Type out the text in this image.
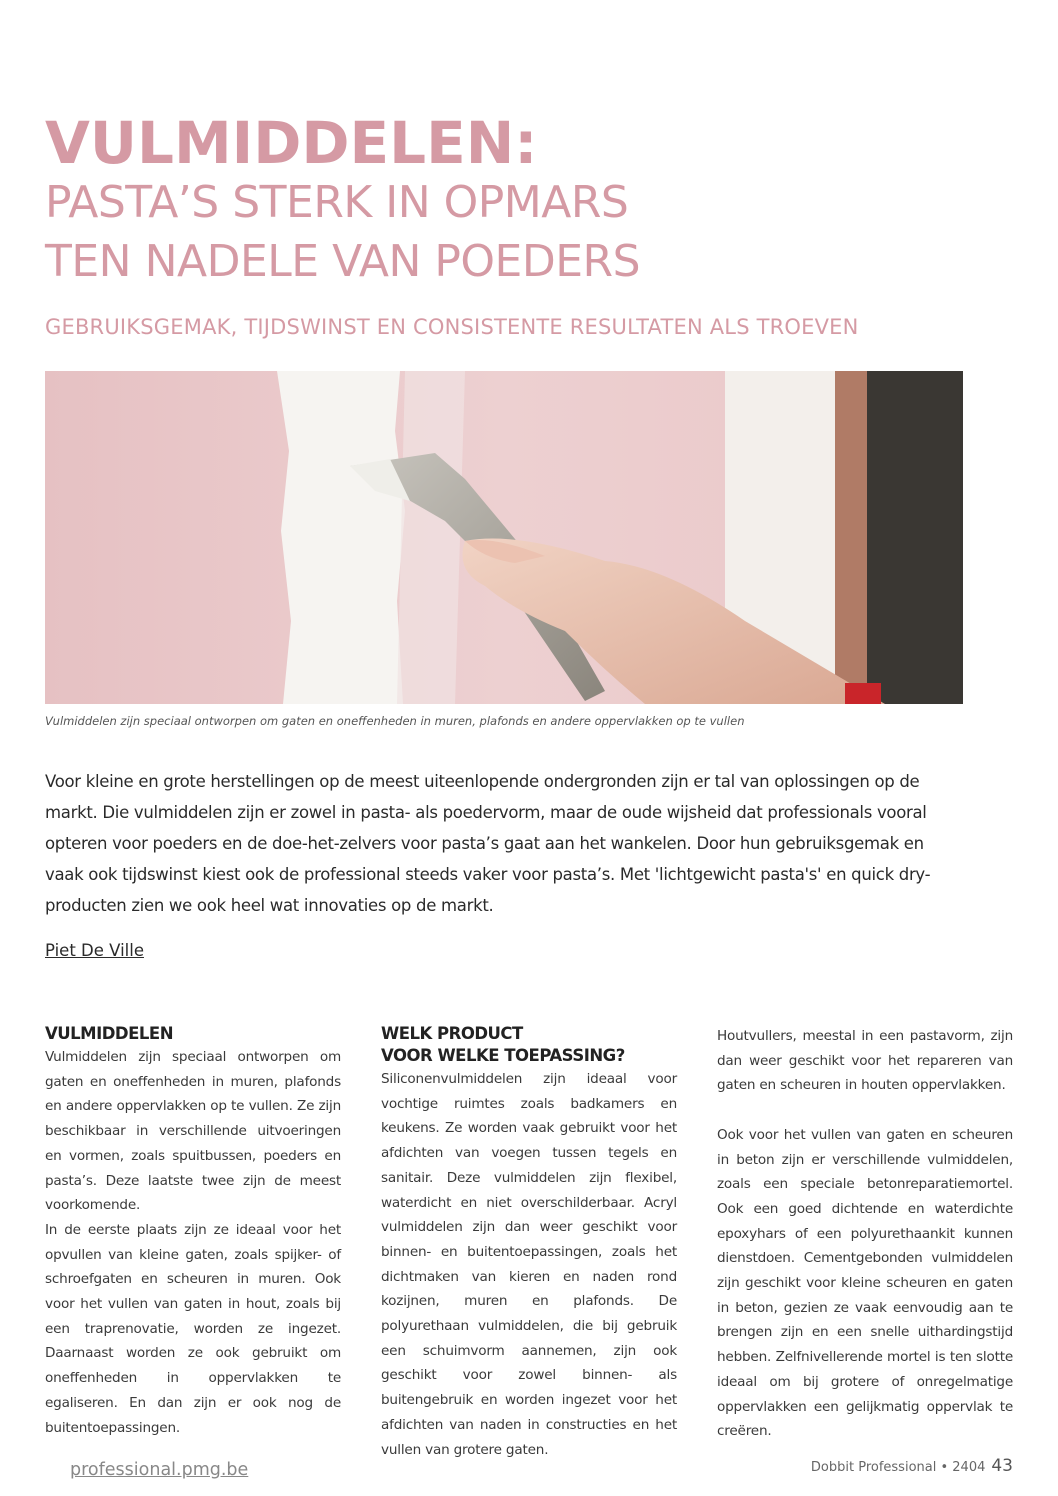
VULMIDDELEN:
PASTA’S STERK IN OPMARS
TEN NADELE VAN POEDERS

GEBRUIKSGEMAK, TIJDSWINST EN CONSISTENTE RESULTATEN ALS TROEVEN

Vulmiddelen zijn speciaal ontworpen om gaten en oneffenheden in muren, plafonds en andere oppervlakken op te vullen

Voor kleine en grote herstellingen op de meest uiteenlopende ondergronden zijn er tal van oplossingen op de markt. Die vulmiddelen zijn er zowel in pasta- als poedervorm, maar de oude wijsheid dat professionals vooral opteren voor poeders en de doe-het-zelvers voor pasta’s gaat aan het wankelen. Door hun gebruiksgemak en vaak ook tijdswinst kiest ook de professional steeds vaker voor pasta’s. Met 'lichtgewicht pasta's' en quick dry-producten zien we ook heel wat innovaties op de markt.

Piet De Ville

VULMIDDELEN

Vulmiddelen zijn speciaal ontworpen om gaten en oneffenheden in muren, plafonds en andere oppervlakken op te vullen. Ze zijn beschikbaar in verschillende uitvoeringen en vormen, zoals spuitbussen, poeders en pasta’s. Deze laatste twee zijn de meest voorkomende.

In de eerste plaats zijn ze ideaal voor het opvullen van kleine gaten, zoals spijker- of schroefgaten en scheuren in muren. Ook voor het vullen van gaten in hout, zoals bij een traprenovatie, worden ze ingezet. Daarnaast worden ze ook gebruikt om oneffenheden in oppervlakken te egaliseren. En dan zijn er ook nog de buitentoepassingen.

WELK PRODUCT
VOOR WELKE TOEPASSING?

Siliconenvulmiddelen zijn ideaal voor vochtige ruimtes zoals badkamers en keukens. Ze worden vaak gebruikt voor het afdichten van voegen tussen tegels en sanitair. Deze vulmiddelen zijn flexibel, waterdicht en niet overschilderbaar. Acryl vulmiddelen zijn dan weer geschikt voor binnen- en buitentoepassingen, zoals het dichtmaken van kieren en naden rond kozijnen, muren en plafonds. De polyurethaan vulmiddelen, die bij gebruik een schuimvorm aannemen, zijn ook geschikt voor zowel binnen- als buitengebruik en worden ingezet voor het afdichten van naden in constructies en het vullen van grotere gaten.

Houtvullers, meestal in een pastavorm, zijn dan weer geschikt voor het repareren van gaten en scheuren in houten oppervlakken.

Ook voor het vullen van gaten en scheuren in beton zijn er verschillende vulmiddelen, zoals een speciale betonreparatiemortel. Ook een goed dichtende en waterdichte epoxyhars of een polyurethaankit kunnen dienstdoen. Cementgebonden vulmiddelen zijn geschikt voor kleine scheuren en gaten in beton, gezien ze vaak eenvoudig aan te brengen zijn en een snelle uithardingstijd hebben. Zelfnivellerende mortel is ten slotte ideaal om bij grotere of onregelmatige oppervlakken een gelijkmatig oppervlak te creëren.

professional.pmg.be	Dobbit Professional • 2404 43
